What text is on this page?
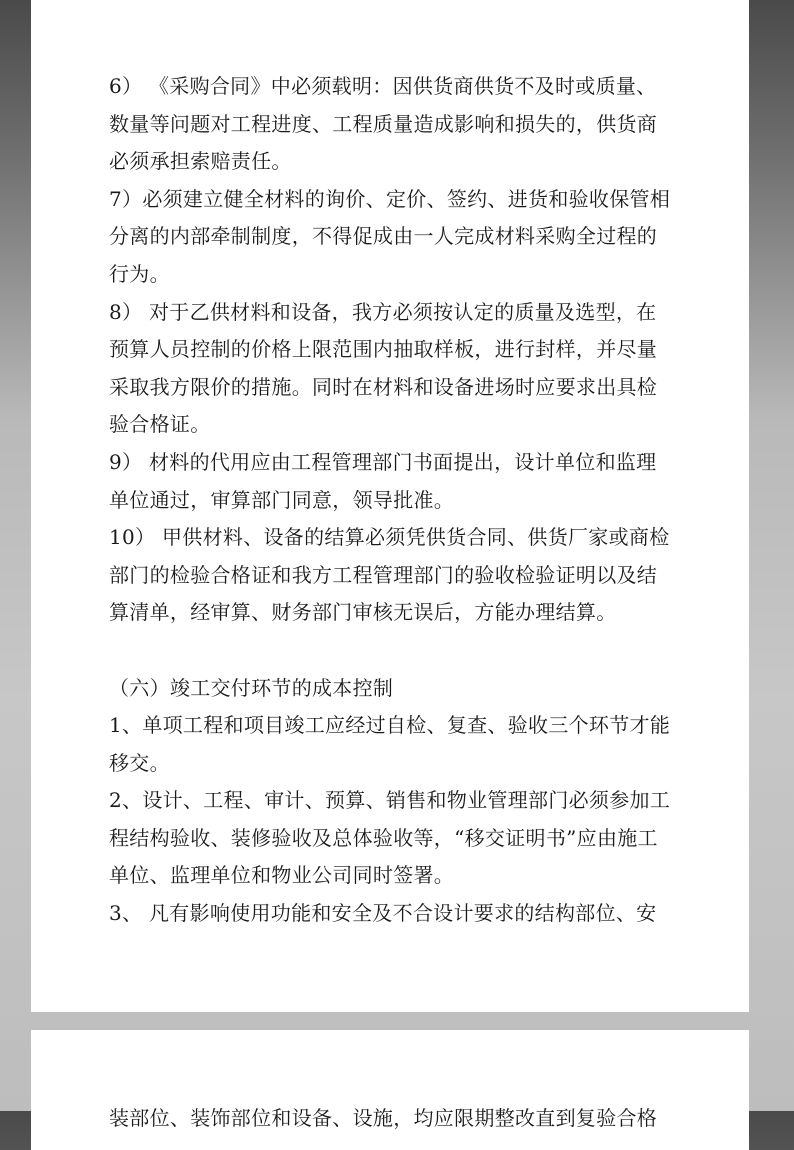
6） 《采购合同》中必须载明：因供货商供货不及时或质量、
数量等问题对工程进度、工程质量造成影响和损失的，供货商
必须承担索赔责任。
7）必须建立健全材料的询价、定价、签约、进货和验收保管相
分离的内部牵制制度，不得促成由一人完成材料采购全过程的
行为。
8） 对于乙供材料和设备，我方必须按认定的质量及选型，在
预算人员控制的价格上限范围内抽取样板，进行封样，并尽量
采取我方限价的措施。同时在材料和设备进场时应要求出具检
验合格证。
9） 材料的代用应由工程管理部门书面提出，设计单位和监理
单位通过，审算部门同意，领导批准。
10） 甲供材料、设备的结算必须凭供货合同、供货厂家或商检
部门的检验合格证和我方工程管理部门的验收检验证明以及结
算清单，经审算、财务部门审核无误后，方能办理结算。
（六）竣工交付环节的成本控制
1、单项工程和项目竣工应经过自检、复查、验收三个环节才能
移交。
2、设计、工程、审计、预算、销售和物业管理部门必须参加工
程结构验收、装修验收及总体验收等，“移交证明书”应由施工
单位、监理单位和物业公司同时签署。
3、 凡有影响使用功能和安全及不合设计要求的结构部位、安
装部位、装饰部位和设备、设施，均应限期整改直到复验合格
